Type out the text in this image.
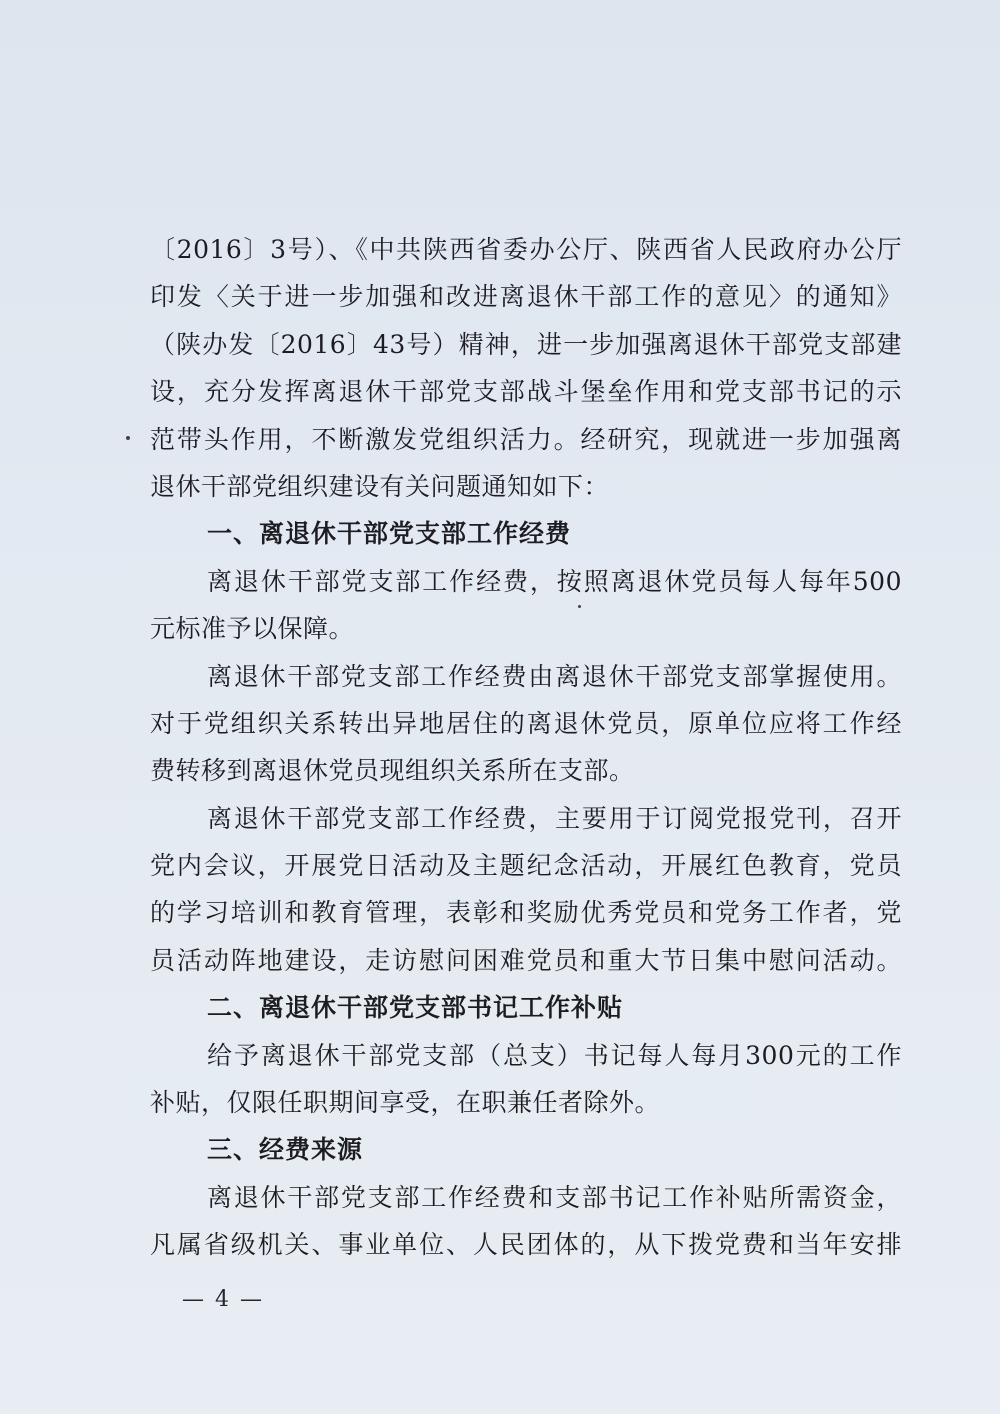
〔2016〕3号）、《中共陕西省委办公厅、陕西省人民政府办公厅
印发〈关于进一步加强和改进离退休干部工作的意见〉的通知》
（陕办发〔2016〕43号）精神，进一步加强离退休干部党支部建
设，充分发挥离退休干部党支部战斗堡垒作用和党支部书记的示
范带头作用，不断激发党组织活力。经研究，现就进一步加强离
退休干部党组织建设有关问题通知如下：
一、离退休干部党支部工作经费
离退休干部党支部工作经费，按照离退休党员每人每年500
元标准予以保障。
离退休干部党支部工作经费由离退休干部党支部掌握使用。
对于党组织关系转出异地居住的离退休党员，原单位应将工作经
费转移到离退休党员现组织关系所在支部。
离退休干部党支部工作经费，主要用于订阅党报党刊，召开
党内会议，开展党日活动及主题纪念活动，开展红色教育，党员
的学习培训和教育管理，表彰和奖励优秀党员和党务工作者，党
员活动阵地建设，走访慰问困难党员和重大节日集中慰问活动。
二、离退休干部党支部书记工作补贴
给予离退休干部党支部（总支）书记每人每月300元的工作
补贴，仅限任职期间享受，在职兼任者除外。
三、经费来源
离退休干部党支部工作经费和支部书记工作补贴所需资金，
凡属省级机关、事业单位、人民团体的，从下拨党费和当年安排
— 4 —
